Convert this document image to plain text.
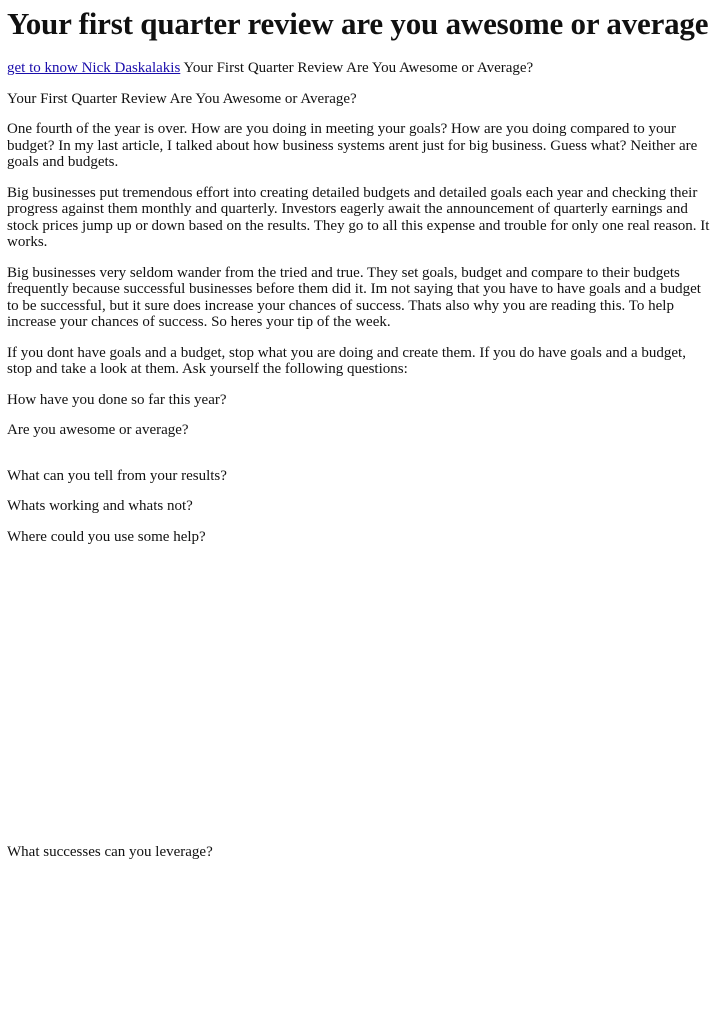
Your first quarter review are you awesome or average

get to know Nick Daskalakis Your First Quarter Review Are You Awesome or Average?

Your First Quarter Review Are You Awesome or Average?

One fourth of the year is over. How are you doing in meeting your goals? How are you doing compared to your budget? In my last article, I talked about how business systems arent just for big business. Guess what? Neither are goals and budgets.

Big businesses put tremendous effort into creating detailed budgets and detailed goals each year and checking their progress against them monthly and quarterly. Investors eagerly await the announcement of quarterly earnings and stock prices jump up or down based on the results. They go to all this expense and trouble for only one real reason. It works.

Big businesses very seldom wander from the tried and true. They set goals, budget and compare to their budgets frequently because successful businesses before them did it. Im not saying that you have to have goals and a budget to be successful, but it sure does increase your chances of success. Thats also why you are reading this. To help increase your chances of success. So heres your tip of the week.

If you dont have goals and a budget, stop what you are doing and create them. If you do have goals and a budget, stop and take a look at them. Ask yourself the following questions:

How have you done so far this year?

Are you awesome or average?

What can you tell from your results?

Whats working and whats not?

Where could you use some help?

What successes can you leverage?
